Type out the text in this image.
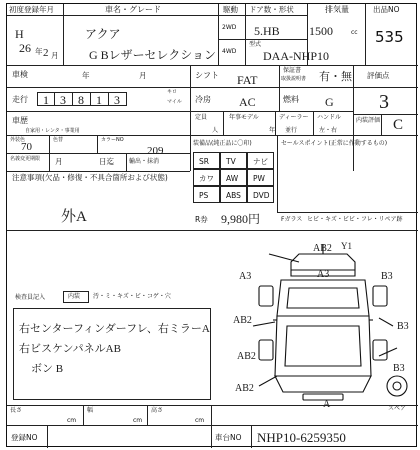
初度登録年月
H
26 年 2 月
車名・グレード
アクア
G Bレザーセレクション
駆動
2WD
4WD
ドア数・形状
5.HB
排気量
1500	cc
型式
DAA-NHP10
出品NO
535
車検	年	月	シフト FAT
保証書
取扱説明書 有・無 評価点
3
走行 1 3 8 1 3
キロ
マイル 冷房 AC	燃料 G
車歴
自家用・レンタ・事業用
定員
人
年事モデル
年
ディーラー
並行
ハンドル
左・右
内装評価 C
外装色
70
色替	カラーNO
209
名義変更期限	月	日迄	輸出・抹消
装備品(純正品に〇印)
SR TV ナビ
カワ AW PW
PS ABS DVD
R券 9,980円
セールスポイント(正常に作動するもの)
Fガラス ヒビ・キズ・ビビ・フレ・リペア跡
注意事項(欠品・修復・不具合箇所および状態)
外A
検査員記入	内装 汚・ミ・キズ・ビ・コゲ・穴
右センターフィンダーフレ、右ミラーA
右ビスケンパネルAB
ボン B
AB2 Y1
A3	B3
A3
AB2
B3
AB2
B3
AB2
A	スペア
長さ
cm
幅
cm
高さ
cm
登録NO	車台NO NHP10-6259350
